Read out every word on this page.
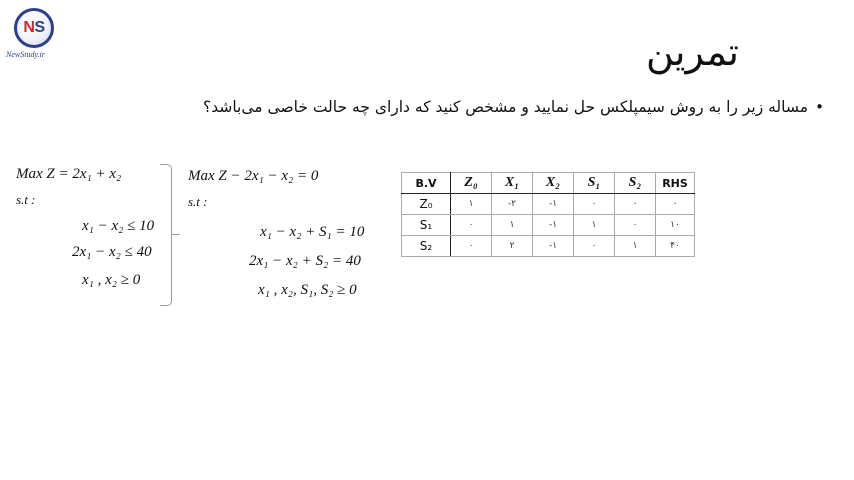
N S
NewStudy.ir	تمرین
•
مساله زیر را به روش سیمپلکس حل نمایید و مشخص کنید که دارای چه حالت خاصی می‌باشد؟
Max Z = 2x₁ + x₂
s.t :
x₁ − x₂ ≤ 10
2x₁ − x₂ ≤ 40
x₁ , x₂ ≥ 0
Max Z − 2x₁ − x₂ = 0
s.t :
x₁ − x₂ + S₁ = 10
2x₁ − x₂ + S₂ = 40
x₁ , x₂, S₁, S₂ ≥ 0
B.V	Z₀	X₁	X₂	S₁	S₂	RHS
Z₀	۱	-۲	-۱	۰	۰	۰
S₁	۰	۱	-۱	۱	۰	۱۰
S₂	۰	۲	-۱	۰	۱	۴۰
